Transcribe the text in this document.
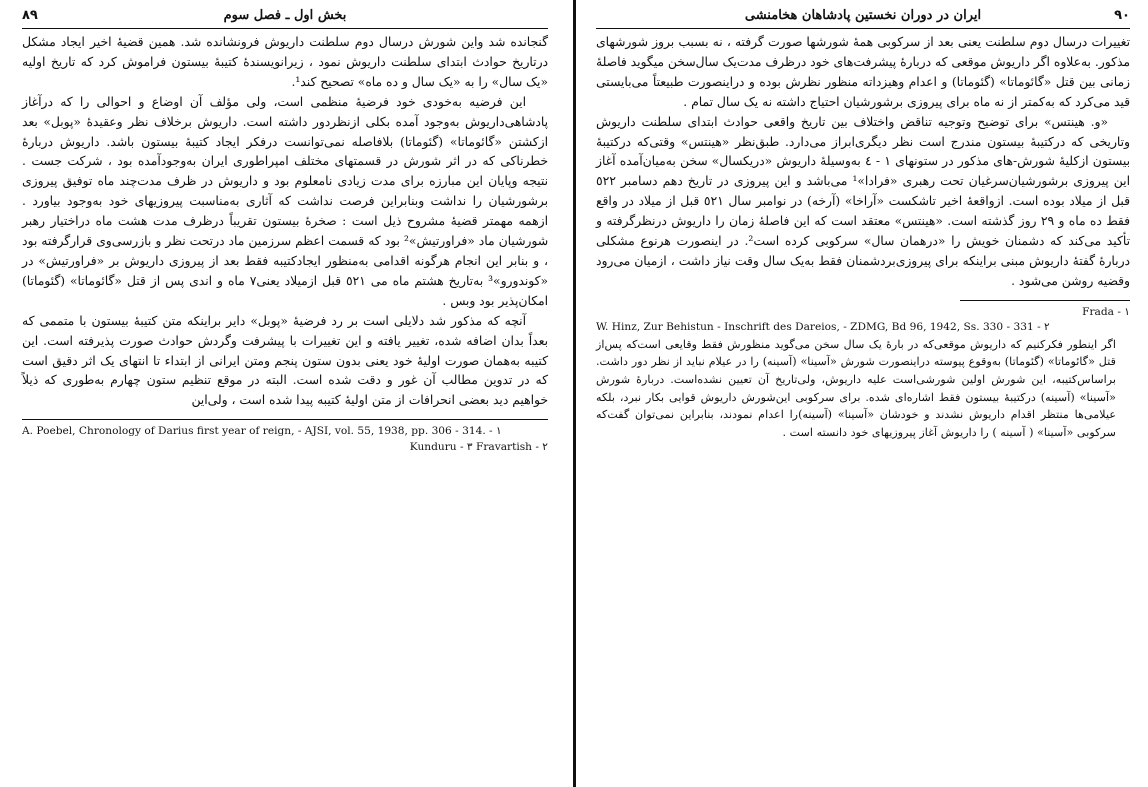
٨٩	بخش اول ـ فصل سوم

گنجانده شد واین شورش درسال دوم سلطنت داریوش فرونشانده شد. همین قضیهٔ اخیر ایجاد مشکل درتاریخ حوادث ابتدای سلطنت داریوش نمود ، زیرانویسندهٔ کتیبهٔ بیستون فراموش کرد که تاریخ اولیه «یک سال» را به «یک سال و ده ماه» تصحیح کند¹.

این فرضیه به‌خودی خود فرضیهٔ منظمی است، ولی مؤلف آن اوضاع و احوالی را که درآغاز پادشاهی‌داریوش به‌وجود آمده بکلی ازنظردور داشته است. داریوش برخلاف نظر وعقیدهٔ «پوبل» بعد ازکشتن «گائوماتا» (گئوماتا) بلافاصله نمی‌توانست درفکر ایجاد کتیبهٔ بیستون باشد. داریوش دربارهٔ خطرناکی که در اثر شورش در قسمتهای مختلف امپراطوری ایران به‌وجودآمده بود ، شرکت جست . نتیجه وپایان این مبارزه برای مدت زیادی نامعلوم بود و داریوش در ظرف مدت‌چند ماه توفیق پیروزی برشورشیان را نداشت وبنابراین فرصت نداشت که آثاری به‌مناسبت پیروزیهای خود به‌وجود بیاورد . ازهمه مهمتر قضیهٔ مشروح ذیل است : صخرهٔ بیستون تقریباً درظرف مدت هشت ماه دراختیار رهبر شورشیان ماد «فراورتیش»² بود که قسمت اعظم سرزمین ماد درتحت نظر و بازرسی‌وی قرارگرفته بود ، و بنابر این انجام هرگونه اقدامی به‌منظور ایجادکتیبه فقط بعد از پیروزی داریوش بر «فراورتیش» در «کوندورو»³ به‌تاریخ هشتم ماه می ٥٢١ قبل ازمیلاد یعنی۷ ماه و اندی پس از قتل «گائوماتا» (گئوماتا) امکان‌پذیر بود وبس .

آنچه که مذکور شد دلایلی است بر رد فرضیهٔ «پوبل» دایر براینکه متن کتیبهٔ بیستون با متممی که بعداً بدان اضافه شده، تغییر یافته و این تغییرات با پیشرفت وگردش حوادث صورت پذیرفته است. این کتیبه به‌همان صورت اولیهٔ خود یعنی بدون ستون پنجم ومتن ایرانی از ابتداء تا انتهای یک اثر دقیق است که در تدوین مطالب آن غور و دقت شده است. البته در موقع تنظیم ستون چهارم به‌طوری که ذیلاً خواهیم دید بعضی انحرافات از متن اولیهٔ کتیبه پیدا شده است ، ولی‌این

A. Poebel, Chronology of Darius first year of reign, - AJSI, vol. 55, 1938, pp. 306 - 314. - ١
Kunduru - ٣ Fravartish - ٢
٩٠
ایران در دوران نخستین پادشاهان هخامنشی

تغییرات درسال دوم سلطنت یعنی بعد از سرکوبی همهٔ شورشها صورت گرفته ، نه بسبب بروز شورشهای مذکور. به‌علاوه اگر داریوش موقعی که دربارهٔ پیشرفت‌های خود درظرف مدت‌یک سال‌سخن میگوید فاصلهٔ زمانی بین قتل «گائوماتا» (گئوماتا) و اعدام وهیزداته منظور نظرش بوده و دراینصورت طبیعتاً می‌بایستی قید می‌کرد که به‌کمتر از نه ماه برای پیروزی برشورشیان احتیاج داشته نه یک سال تمام .

«و. هینتس» برای توضیح وتوجیه تناقض واختلاف بین تاریخ واقعی حوادث ابتدای سلطنت داریوش وتاریخی که درکتیبهٔ بیستون مندرج است نظر دیگری‌ابراز می‌دارد. طبق‌نظر «هینتس» وقتی‌که درکتیبهٔ بیستون ازکلیهٔ شورش-های مذکور در ستونهای ١ - ٤ به‌وسیلهٔ داریوش «دریکسال» سخن به‌میان‌آمده آغاز این پیروزی برشورشیان‌سرغیان تحت رهبری «فرادا»¹ می‌باشد و این پیروزی در تاریخ دهم دسامبر ٥٢٢ قبل از میلاد بوده است. ازواقعهٔ اخیر تاشکست «آراخا» (آرخه) در نوامبر سال ٥٢١ قبل از میلاد در واقع فقط ده ماه و ٢٩ روز گذشته است. «هینتس» معتقد است که این فاصلهٔ زمان را داریوش درنظرگرفته و تأکید می‌کند که دشمنان خویش را «درهمان سال» سرکوبی کرده است². در اینصورت هرنوع مشکلی دربارهٔ گفتهٔ داریوش مبنی براینکه برای پیروزی‌بردشمنان فقط به‌یک سال وقت نیاز داشت ، ازمیان می‌رود وقضیه روشن می‌شود .

Frada - ١
W. Hinz, Zur Behistun - Inschrift des Dareios, - ZDMG, Bd 96, 1942, Ss. 330 - 331 - ٢
اگر اینطور فکرکنیم که داریوش موقعی‌که در بارهٔ یک سال سخن می‌گوید منظورش فقط وقایعی است‌که پس‌از قتل «گائوماتا» (گئوماتا) به‌وقوع پیوسته دراینصورت شورش «آسینا» (آسینه) را در عیلام نباید از نظر دور داشت. براساس‌کتیبه، این شورش اولین شورشی‌است علیه داریوش، ولی‌تاریخ آن تعیین نشده‌است. دربارهٔ شورش «آسینا» (آسینه) درکتیبهٔ بیستون فقط اشاره‌ای شده. برای سرکوبی این‌شورش داریوش قوایی بکار نبرد، بلکه عیلامی‌ها منتظر اقدام داریوش نشدند و خودشان «آسینا» (آسینه)را اعدام نمودند، بنابراین نمی‌توان گفت‌که سرکوبی «آسینا» ( آسینه ) را داریوش آغاز پیروزیهای خود دانسته است .
